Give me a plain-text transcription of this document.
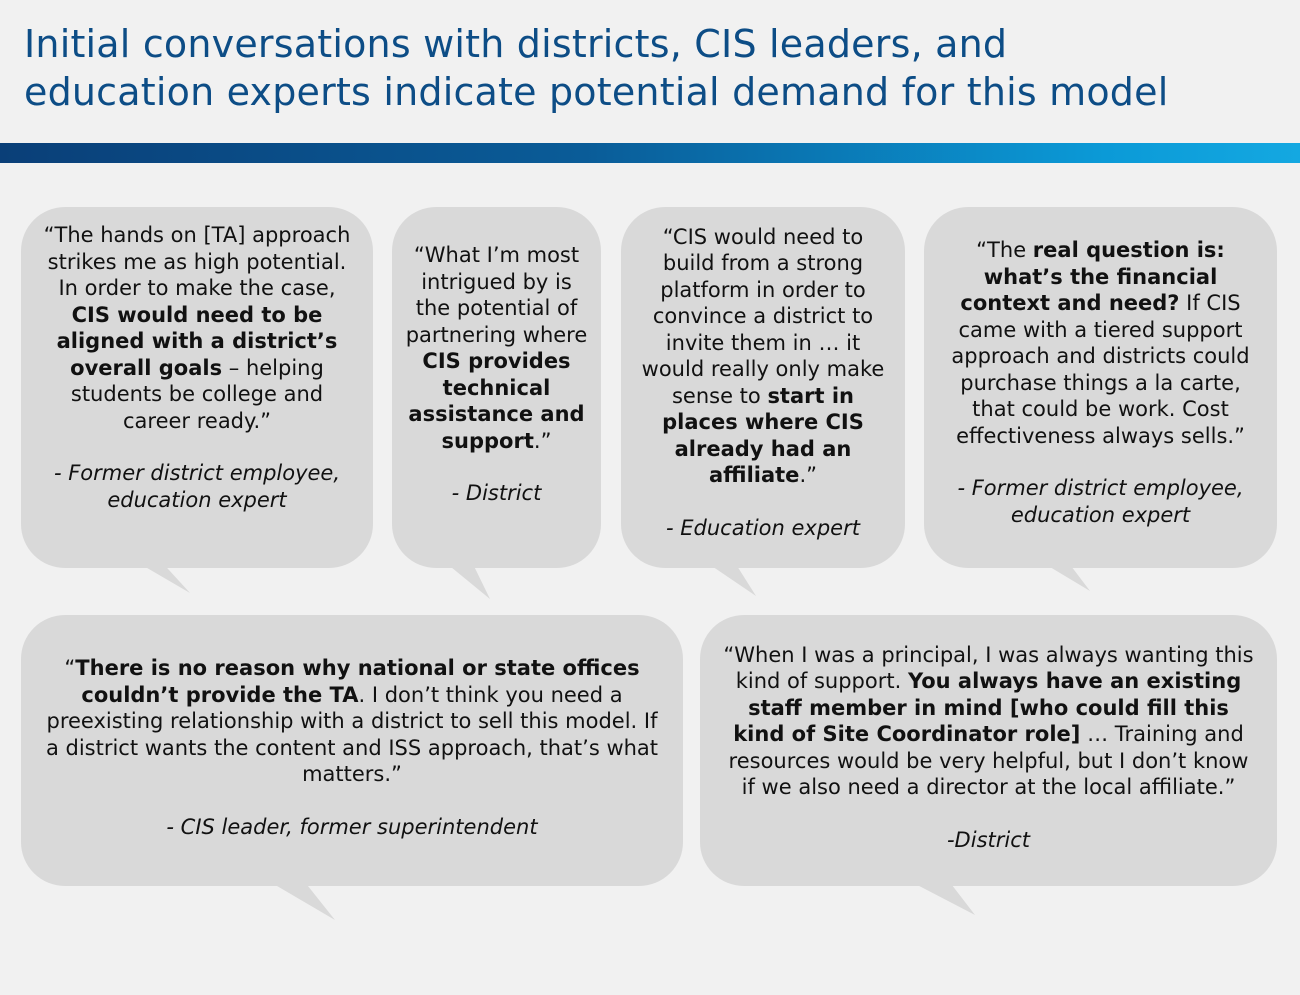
Initial conversations with districts, CIS leaders, and
education experts indicate potential demand for this model

“The hands on [TA] approach strikes me as high potential. In order to make the case, CIS would need to be aligned with a district’s overall goals – helping students be college and career ready.”

- Former district employee, education expert

“What I’m most intrigued by is the potential of partnering where CIS provides technical assistance and support.”

- District

“CIS would need to build from a strong platform in order to convince a district to invite them in … it would really only make sense to start in places where CIS already had an affiliate.”

- Education expert

“The real question is: what’s the financial context and need? If CIS came with a tiered support approach and districts could purchase things a la carte, that could be work. Cost effectiveness always sells.”

- Former district employee, education expert

“There is no reason why national or state offices couldn’t provide the TA. I don’t think you need a preexisting relationship with a district to sell this model. If a district wants the content and ISS approach, that’s what matters.”

- CIS leader, former superintendent

“When I was a principal, I was always wanting this kind of support. You always have an existing staff member in mind [who could fill this kind of Site Coordinator role] … Training and resources would be very helpful, but I don’t know if we also need a director at the local affiliate.”

-District
